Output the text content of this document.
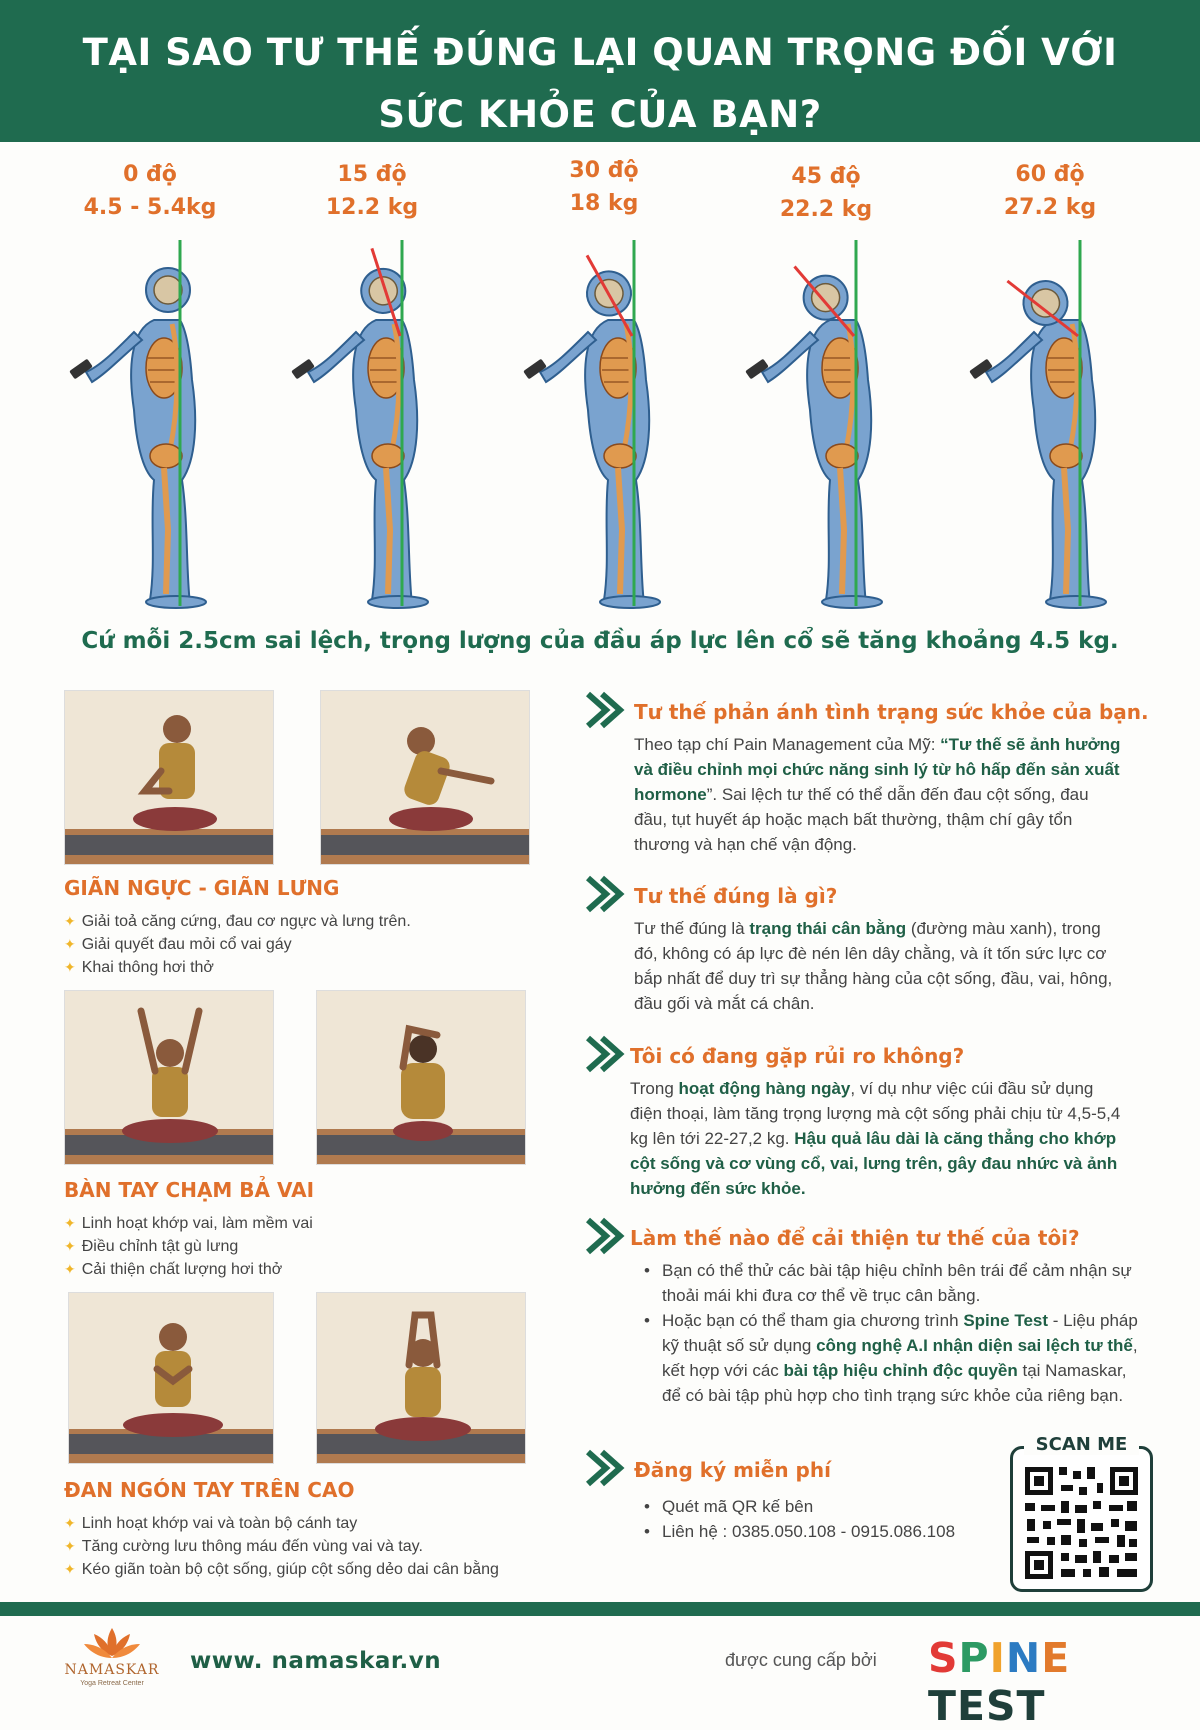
TẠI SAO TƯ THẾ ĐÚNG LẠI QUAN TRỌNG ĐỐI VỚI
SỨC KHỎE CỦA BẠN?
0 độ
4.5 - 5.4kg
15 độ
12.2 kg
30 độ
18 kg
45 độ
22.2 kg
60 độ
27.2 kg
Cứ mỗi 2.5cm sai lệch, trọng lượng của đầu áp lực lên cổ sẽ tăng khoảng 4.5 kg.
GIÃN NGỰC - GIÃN LƯNG
✦ Giải toả căng cứng, đau cơ ngực và lưng trên.
✦ Giải quyết đau mỏi cổ vai gáy
✦ Khai thông hơi thở
BÀN TAY CHẠM BẢ VAI
✦ Linh hoạt khớp vai, làm mềm vai
✦ Điều chỉnh tật gù lưng
✦ Cải thiện chất lượng hơi thở
ĐAN NGÓN TAY TRÊN CAO
✦ Linh hoạt khớp vai và toàn bộ cánh tay
✦ Tăng cường lưu thông máu đến vùng vai và tay.
✦ Kéo giãn toàn bộ cột sống, giúp cột sống dẻo dai cân bằng
Tư thế phản ánh tình trạng sức khỏe của bạn.
Theo tạp chí Pain Management của Mỹ: “Tư thế sẽ ảnh hưởng và điều chỉnh mọi chức năng sinh lý từ hô hấp đến sản xuất hormone”. Sai lệch tư thế có thể dẫn đến đau cột sống, đau đầu, tụt huyết áp hoặc mạch bất thường, thậm chí gây tổn thương và hạn chế vận động.
Tư thế đúng là gì?
Tư thế đúng là trạng thái cân bằng (đường màu xanh), trong đó, không có áp lực đè nén lên dây chằng, và ít tốn sức lực cơ bắp nhất để duy trì sự thẳng hàng của cột sống, đầu, vai, hông, đầu gối và mắt cá chân.
Tôi có đang gặp rủi ro không?
Trong hoạt động hàng ngày, ví dụ như việc cúi đầu sử dụng điện thoại, làm tăng trọng lượng mà cột sống phải chịu từ 4,5-5,4 kg lên tới 22-27,2 kg. Hậu quả lâu dài là căng thẳng cho khớp cột sống và cơ vùng cổ, vai, lưng trên, gây đau nhức và ảnh hưởng đến sức khỏe.
Làm thế nào để cải thiện tư thế của tôi?
• Bạn có thể thử các bài tập hiệu chỉnh bên trái để cảm nhận sự thoải mái khi đưa cơ thể về trục cân bằng.
• Hoặc bạn có thể tham gia chương trình Spine Test - Liệu pháp kỹ thuật số sử dụng công nghệ A.I nhận diện sai lệch tư thế, kết hợp với các bài tập hiệu chỉnh độc quyền tại Namaskar, để có bài tập phù hợp cho tình trạng sức khỏe của riêng bạn.
Đăng ký miễn phí
• Quét mã QR kế bên
• Liên hệ : 0385.050.108 - 0915.086.108
SCAN ME
NAMASKAR
Yoga Retreat Center
www. namaskar.vn	được cung cấp bởi SPINE TEST
